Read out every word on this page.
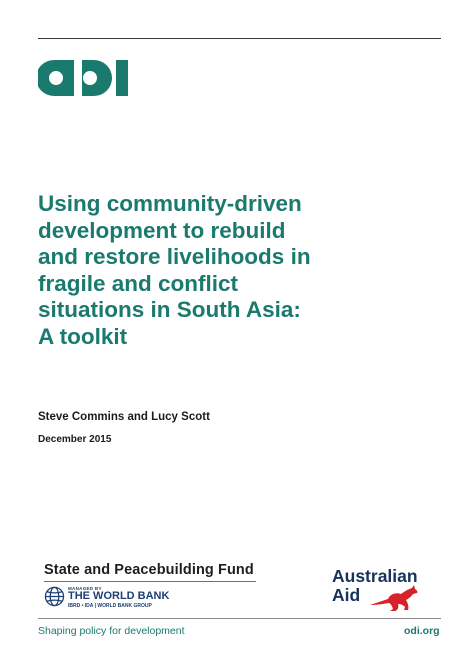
ODI
Using community-driven
development to rebuild
and restore livelihoods in
fragile and conflict
situations in South Asia:
A toolkit

Steve Commins and Lucy Scott

December 2015

State and Peacebuilding Fund

MANAGED BY
THE WORLD BANK
IBRD • IDA | WORLD BANK GROUP

Australian
Aid

Shaping policy for development	odi.org
